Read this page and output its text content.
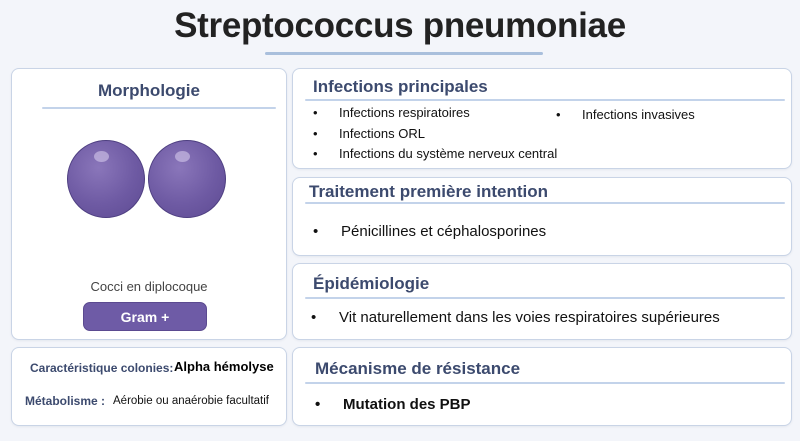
Streptococcus pneumoniae
Morphologie
Cocci en diplocoque
Gram +
Caractéristique colonies: Alpha hémolyse
Métabolisme : Aérobie ou anaérobie facultatif
Infections principales
•	Infections respiratoires
•	Infections ORL
•	Infections du système nerveux central
•	Infections invasives
Traitement première intention
•	Pénicillines et céphalosporines
Épidémiologie
•	Vit naturellement dans les voies respiratoires supérieures
Mécanisme de résistance
•	Mutation des PBP
